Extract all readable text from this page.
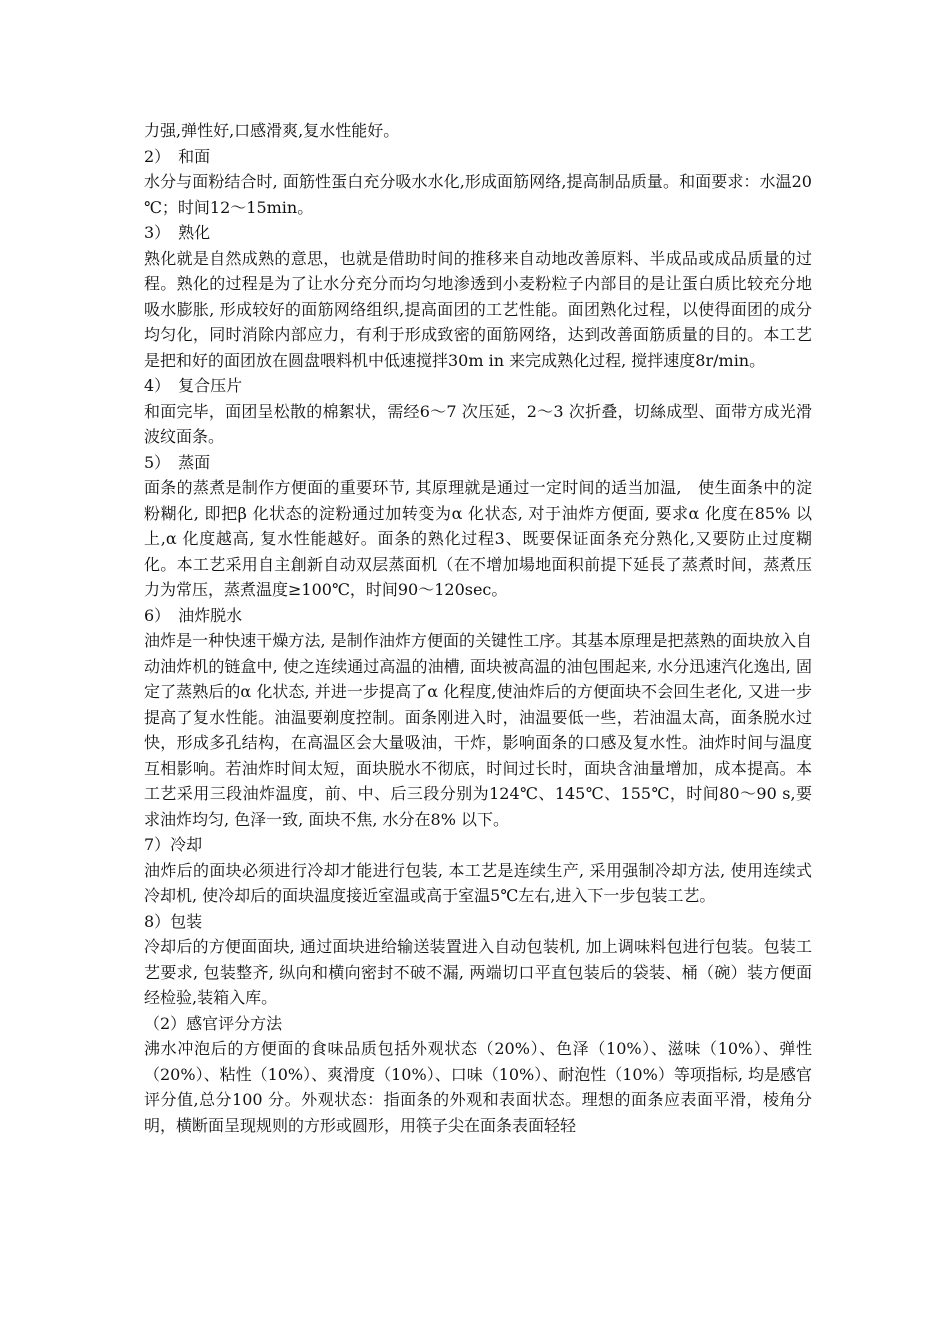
力强,弹性好,口感滑爽,复水性能好。

2）　和面

水分与面粉结合时, 面筋性蛋白充分吸水水化,形成面筋网络,提高制品质量。和面要求：水温20 ℃；时间12～15min。

3）　熟化

熟化就是自然成熟的意思，也就是借助时间的推移来自动地改善原料、半成品或成品质量的过程。熟化的过程是为了让水分充分而均匀地渗透到小麦粉粒子内部目的是让蛋白质比较充分地吸水膨胀, 形成较好的面筋网络组织,提高面团的工艺性能。面团熟化过程，以使得面团的成分均匀化，同时消除内部应力，有利于形成致密的面筋网络，达到改善面筋质量的目的。本工艺是把和好的面团放在圆盘喂料机中低速搅拌30m in 来完成熟化过程, 搅拌速度8r/min。

4）　复合压片

和面完毕，面团呈松散的棉絮状，需经6～7 次压延，2～3 次折叠，切絲成型、面带方成光滑波纹面条。

5）　蒸面

面条的蒸煮是制作方便面的重要环节, 其原理就是通过一定时间的适当加温,　使生面条中的淀粉糊化, 即把β 化状态的淀粉通过加转变为α 化状态, 对于油炸方便面, 要求α 化度在85% 以上,α 化度越高, 复水性能越好。面条的熟化过程3、既要保证面条充分熟化,又要防止过度糊化。本工艺采用自主創新自动双层蒸面机（在不增加場地面积前提下延長了蒸煮时间，蒸煮压力为常压，蒸煮温度≥100℃，时间90～120sec。

6）　油炸脱水

油炸是一种快速干燥方法, 是制作油炸方便面的关键性工序。其基本原理是把蒸熟的面块放入自动油炸机的链盒中, 使之连续通过高温的油槽, 面块被高温的油包围起来, 水分迅速汽化逸出, 固定了蒸熟后的α 化状态, 并进一步提高了α 化程度,使油炸后的方便面块不会回生老化, 又进一步提高了复水性能。油温要剃度控制。面条刚进入时，油温要低一些，若油温太高，面条脱水过快，形成多孔结构，在高温区会大量吸油，干炸，影响面条的口感及复水性。油炸时间与温度互相影响。若油炸时间太短，面块脱水不彻底，时间过长时，面块含油量增加，成本提高。本工艺采用三段油炸温度，前、中、后三段分别为124℃、145℃、155℃，时间80～90 s,要求油炸均匀, 色泽一致, 面块不焦, 水分在8% 以下。

7）冷却

油炸后的面块必须进行冷却才能进行包装, 本工艺是连续生产, 采用强制冷却方法, 使用连续式冷却机, 使冷却后的面块温度接近室温或高于室温5℃左右,进入下一步包装工艺。

8）包装

冷却后的方便面面块, 通过面块进给输送装置进入自动包装机, 加上调味料包进行包装。包装工艺要求, 包装整齐, 纵向和横向密封不破不漏, 两端切口平直包装后的袋装、桶（碗）装方便面经检验,装箱入库。

（2）感官评分方法

沸水冲泡后的方便面的食味品质包括外观状态（20%）、色泽（10%）、滋味（10%）、弹性（20%）、粘性（10%）、爽滑度（10%）、口味（10%）、耐泡性（10%）等项指标, 均是感官评分值,总分100 分。外观状态：指面条的外观和表面状态。理想的面条应表面平滑，棱角分明，横断面呈现规则的方形或圆形，用筷子尖在面条表面轻轻
